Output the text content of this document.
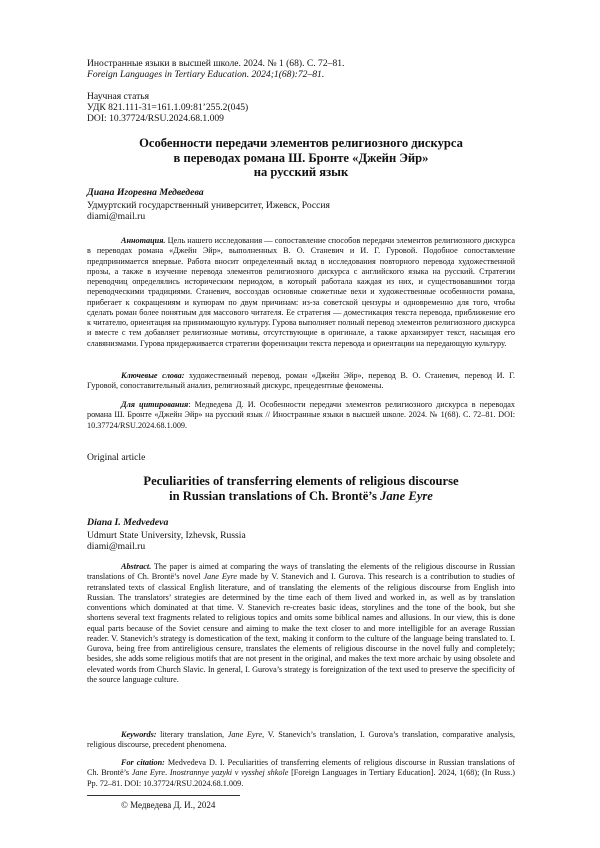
Иностранные языки в высшей школе. 2024. № 1 (68). С. 72–81.
Foreign Languages in Tertiary Education. 2024;1(68):72–81.
Научная статья
УДК 821.111-31=161.1.09:81’255.2(045)
DOI: 10.37724/RSU.2024.68.1.009
Особенности передачи элементов религиозного дискурса
в переводах романа Ш. Бронте «Джейн Эйр»
на русский язык
Диана Игоревна Медведева
Удмуртский государственный университет, Ижевск, Россия
diami@mail.ru

Аннотация. Цель нашего исследования — сопоставление способов передачи элементов религиозного дискурса в переводах романа «Джейн Эйр», выполненных В. О. Станевич и И. Г. Гуровой. Подобное сопоставление предпринимается впервые. Работа вносит определенный вклад в исследования повторного перевода художественной прозы, а также в изучение перевода элементов религиозного дискурса с английского языка на русский. Стратегии переводчиц определялись историческим периодом, в который работала каждая из них, и существовавшими тогда переводческими традициями. Станевич, воссоздав основные сюжетные вехи и художественные особенности романа, прибегает к сокращениям и купюрам по двум причинам: из-за советской цензуры и одновременно для того, чтобы сделать роман более понятным для массового читателя. Ее стратегия — доместикация текста перевода, приближение его к читателю, ориентация на принимающую культуру. Гурова выполняет полный перевод элементов религиозного дискурса и вместе с тем добавляет религиозные мотивы, отсутствующие в оригинале, а также архаизирует текст, насыщая его славянизмами. Гурова придерживается стратегии форенизации текста перевода и ориентации на передающую культуру.

Ключевые слова: художественный перевод, роман «Джейн Эйр», перевод В. О. Станевич, перевод И. Г. Гуровой, сопоставительный анализ, религиозный дискурс, прецедентные феномены.

Для цитирования: Медведева Д. И. Особенности передачи элементов религиозного дискурса в переводах романа Ш. Бронте «Джейн Эйр» на русский язык // Иностранные языки в высшей школе. 2024. № 1(68). С. 72–81. DOI: 10.37724/RSU.2024.68.1.009.

Original article
Peculiarities of transferring elements of religious discourse
in Russian translations of Ch. Brontë’s Jane Eyre
Diana I. Medvedeva
Udmurt State University, Izhevsk, Russia
diami@mail.ru

Abstract. The paper is aimed at comparing the ways of translating the elements of the religious discourse in Russian translations of Ch. Brontë’s novel Jane Eyre made by V. Stanevich and I. Gurova. This research is a contribution to studies of retranslated texts of classical English literature, and of translating the elements of the religious discourse from English into Russian. The translators’ strategies are determined by the time each of them lived and worked in, as well as by translation conventions which dominated at that time. V. Stanevich re-creates basic ideas, storylines and the tone of the book, but she shortens several text fragments related to religious topics and omits some biblical names and allusions. In our view, this is done equal parts because of the Soviet censure and aiming to make the text closer to and more intelligible for an average Russian reader. V. Stanevich’s strategy is domestication of the text, making it conform to the culture of the language being translated to. I. Gurova, being free from antireligious censure, translates the elements of religious discourse in the novel fully and completely; besides, she adds some religious motifs that are not present in the original, and makes the text more archaic by using obsolete and elevated words from Church Slavic. In general, I. Gurova’s strategy is foreignization of the text used to preserve the specificity of the source language culture.

Keywords: literary translation, Jane Eyre, V. Stanevich’s translation, I. Gurova’s translation, comparative analysis, religious discourse, precedent phenomena.

For citation: Medvedeva D. I. Peculiarities of transferring elements of religious discourse in Russian translations of Ch. Brontë’s Jane Eyre. Inostrannye yazyki v vysshej shkole [Foreign Languages in Tertiary Education]. 2024, 1(68); (In Russ.) Pp. 72–81. DOI: 10.37724/RSU.2024.68.1.009.

© Медведева Д. И., 2024
